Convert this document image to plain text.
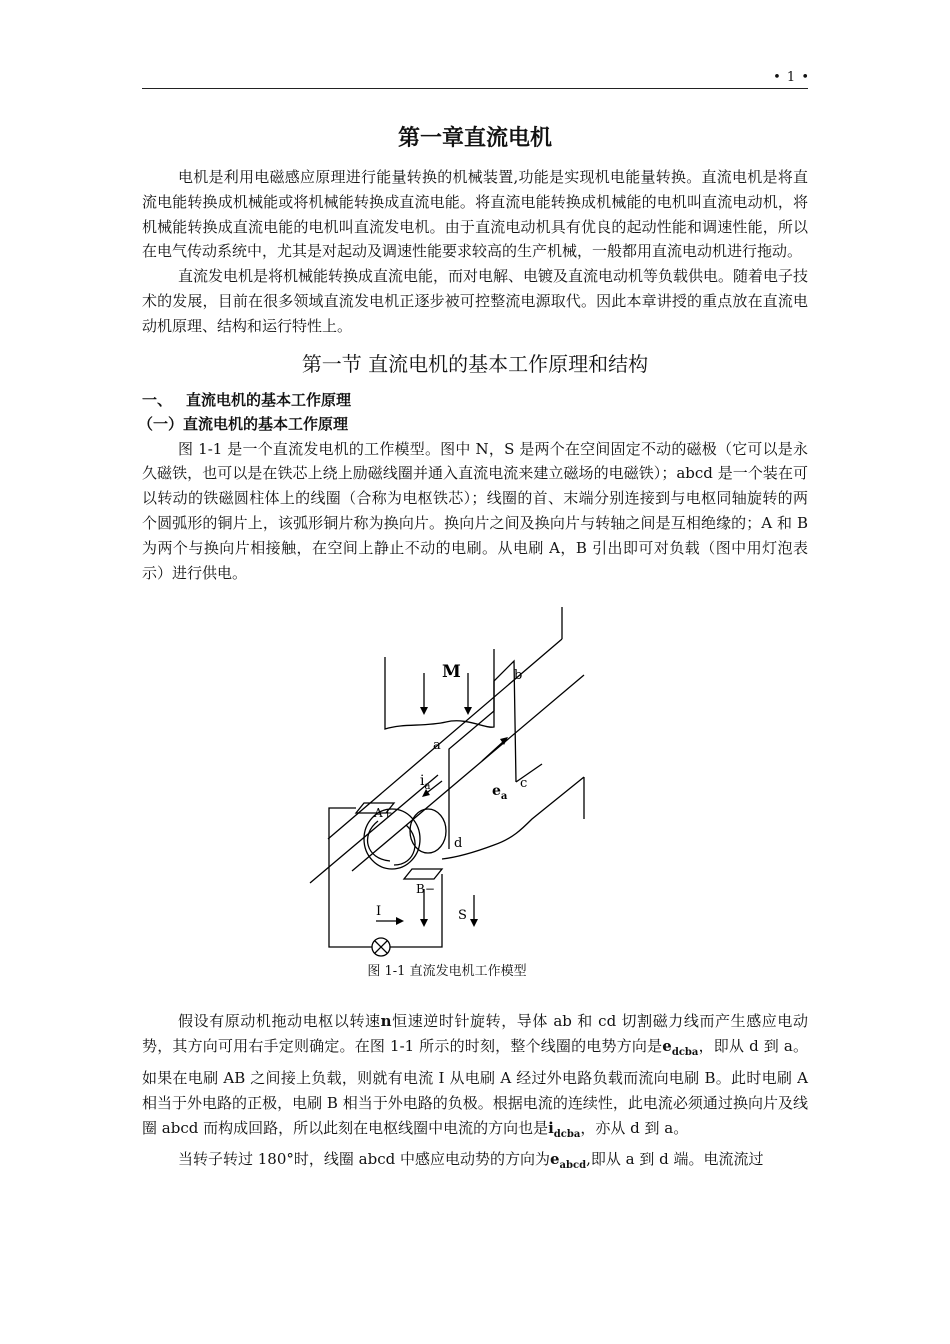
• 1 •
第一章直流电机

电机是利用电磁感应原理进行能量转换的机械装置,功能是实现机电能量转换。直流电机是将直流电能转换成机械能或将机械能转换成直流电能。将直流电能转换成机械能的电机叫直流电动机，将机械能转换成直流电能的电机叫直流发电机。由于直流电动机具有优良的起动性能和调速性能，所以在电气传动系统中，尤其是对起动及调速性能要求较高的生产机械，一般都用直流电动机进行拖动。

直流发电机是将机械能转换成直流电能，而对电解、电镀及直流电动机等负载供电。随着电子技术的发展，目前在很多领域直流发电机正逐步被可控整流电源取代。因此本章讲授的重点放在直流电动机原理、结构和运行特性上。

第一节 直流电机的基本工作原理和结构
一、 直流电机的基本工作原理
（一）直流电机的基本工作原理

图 1-1 是一个直流发电机的工作模型。图中 N，S 是两个在空间固定不动的磁极（它可以是永久磁铁，也可以是在铁芯上绕上励磁线圈并通入直流电流来建立磁场的电磁铁）；abcd 是一个装在可以转动的铁磁圆柱体上的线圈（合称为电枢铁芯）；线圈的首、末端分别连接到与电枢同轴旋转的两个圆弧形的铜片上，该弧形铜片称为换向片。换向片之间及换向片与转轴之间是互相绝缘的；A 和 B 为两个与换向片相接触，在空间上静止不动的电刷。从电刷 A，B 引出即可对负载（图中用灯泡表示）进行供电。

M	b
a
c
d
$i_a$	$e_a$
A+
B−
I	S
图 1-1 直流发电机工作模型

假设有原动机拖动电枢以转速n恒速逆时针旋转，导体 ab 和 cd 切割磁力线而产生感应电动势，其方向可用右手定则确定。在图 1-1 所示的时刻，整个线圈的电势方向是$e_{dcba}$，即从 d 到 a。如果在电刷 AB 之间接上负载，则就有电流 I 从电刷 A 经过外电路负载而流向电刷 B。此时电刷 A 相当于外电路的正极，电刷 B 相当于外电路的负极。根据电流的连续性，此电流必须通过换向片及线圈 abcd 而构成回路，所以此刻在电枢线圈中电流的方向也是$i_{dcba}$，亦从 d 到 a。

当转子转过 180°时，线圈 abcd 中感应电动势的方向为$e_{abcd}$,即从 a 到 d 端。电流流过
